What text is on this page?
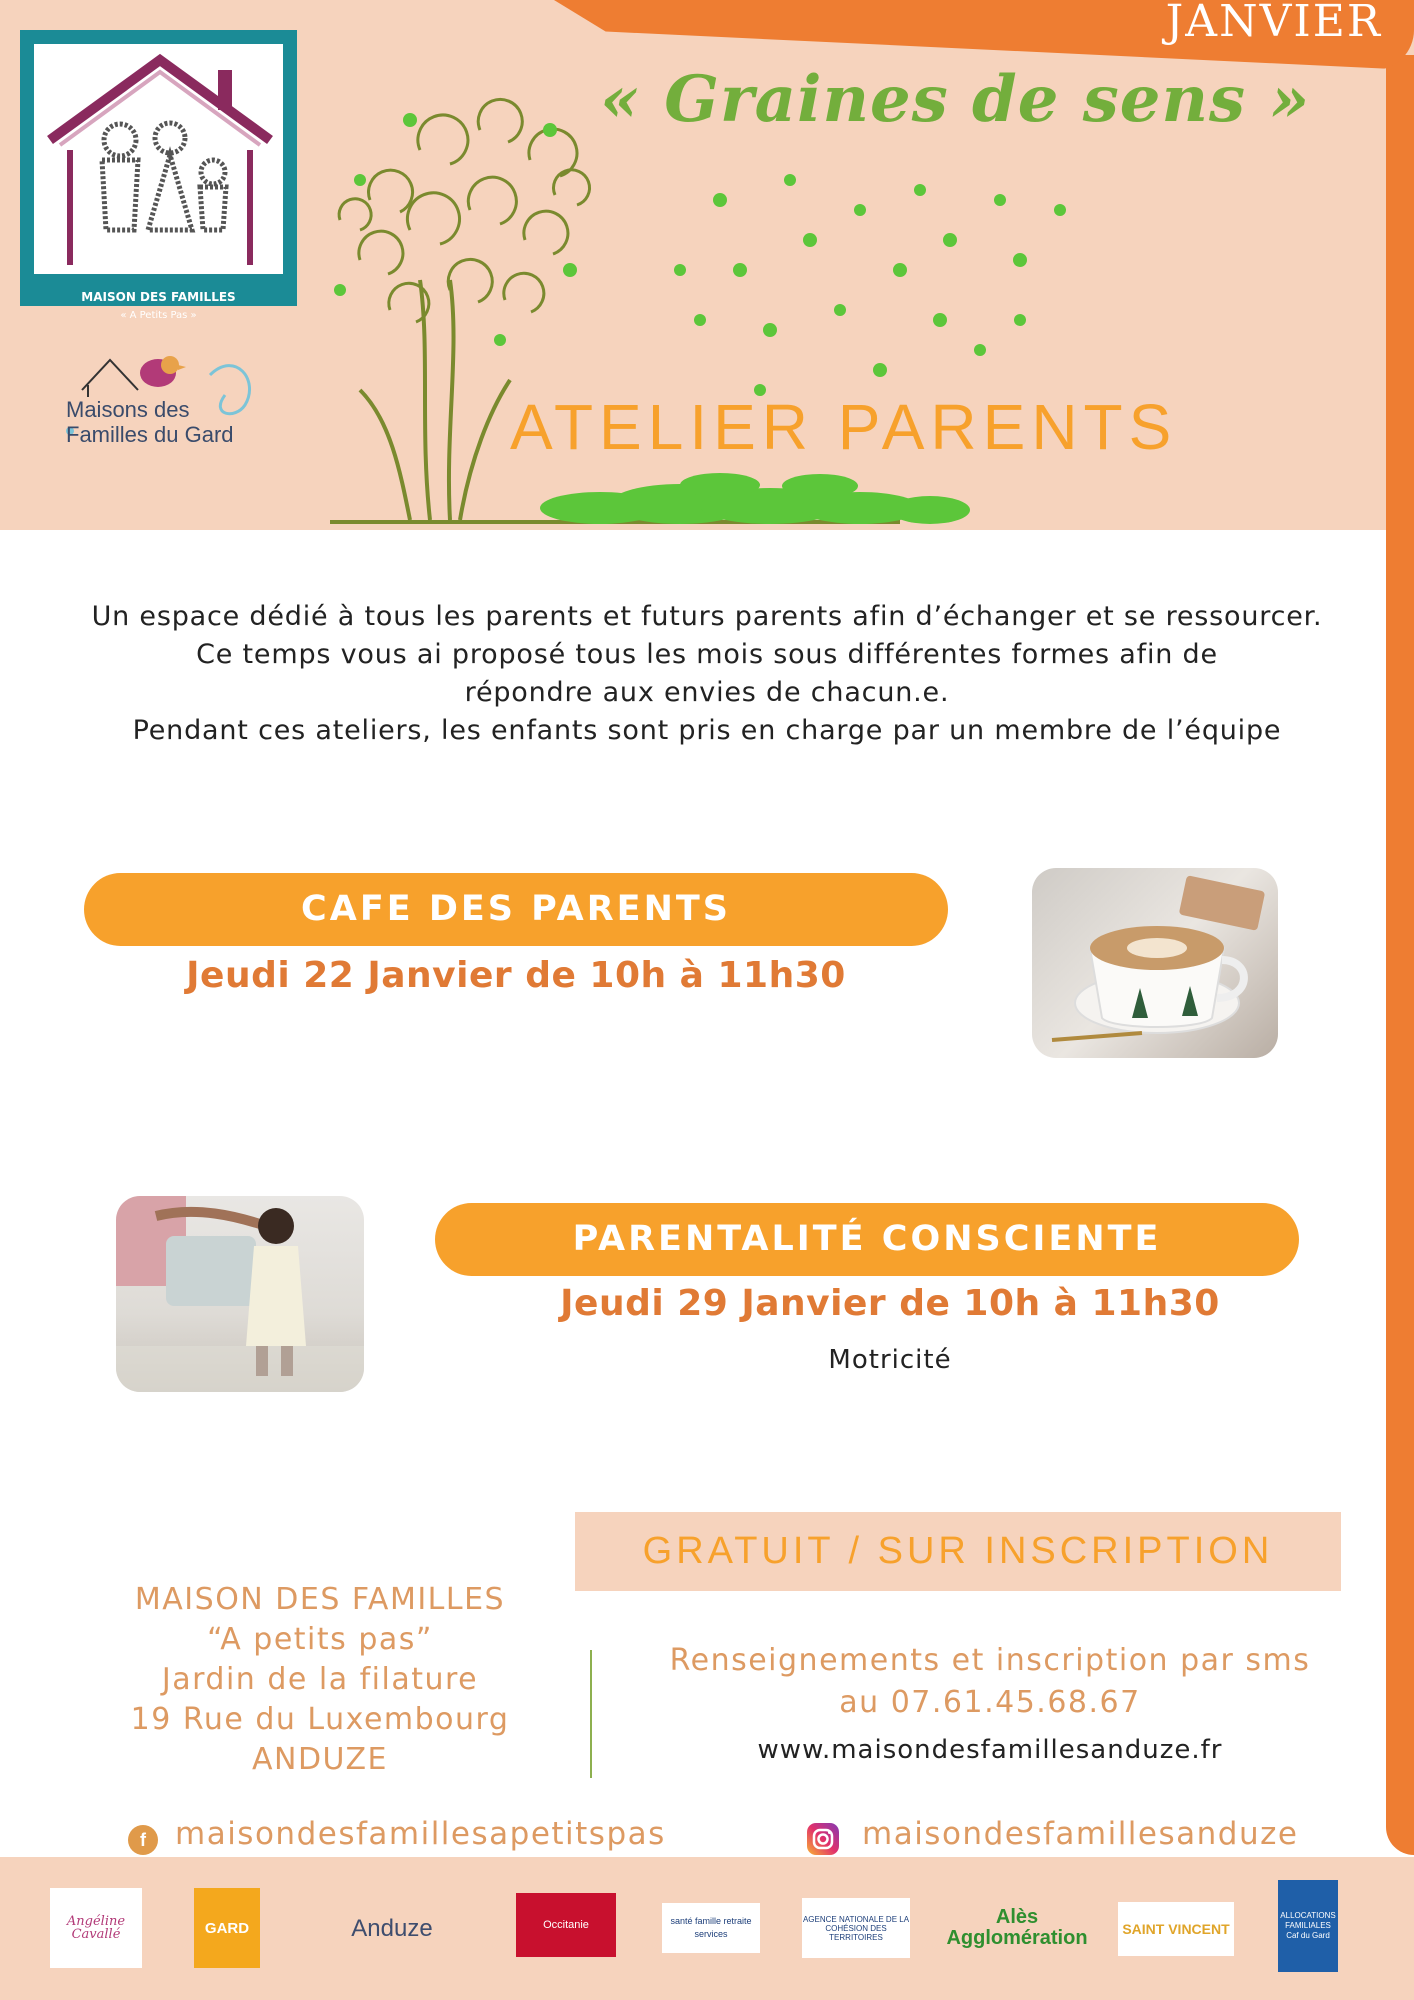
JANVIER
MAISON DES FAMILLES
« A Petits Pas »
Maisons des
Familles du Gard
« Graines de sens »
ATELIER PARENTS
Un espace dédié à tous les parents et futurs parents afin d’échanger et se ressourcer.
Ce temps vous ai proposé tous les mois sous différentes formes afin de
répondre aux envies de chacun.e.
Pendant ces ateliers, les enfants sont pris en charge par un membre de l’équipe
CAFE DES PARENTS
Jeudi 22 Janvier de 10h à 11h30
PARENTALITÉ CONSCIENTE
Jeudi 29 Janvier de 10h à 11h30
Motricité
GRATUIT / SUR INSCRIPTION
MAISON DES FAMILLES
“A petits pas”
Jardin de la filature
19 Rue du Luxembourg
ANDUZE
Renseignements et inscription par sms
au 07.61.45.68.67
www.maisondesfamillesanduze.fr
f maisondesfamillesapetitspas	maisondesfamillesanduze
Angéline Cavallé	GARD	Anduze	Occitanie	santé famille retraite services
AGENCE NATIONALE DE LA COHÉSION DES TERRITOIRES
Alès Agglomération	SAINT VINCENT
ALLOCATIONS FAMILIALES Caf du Gard
